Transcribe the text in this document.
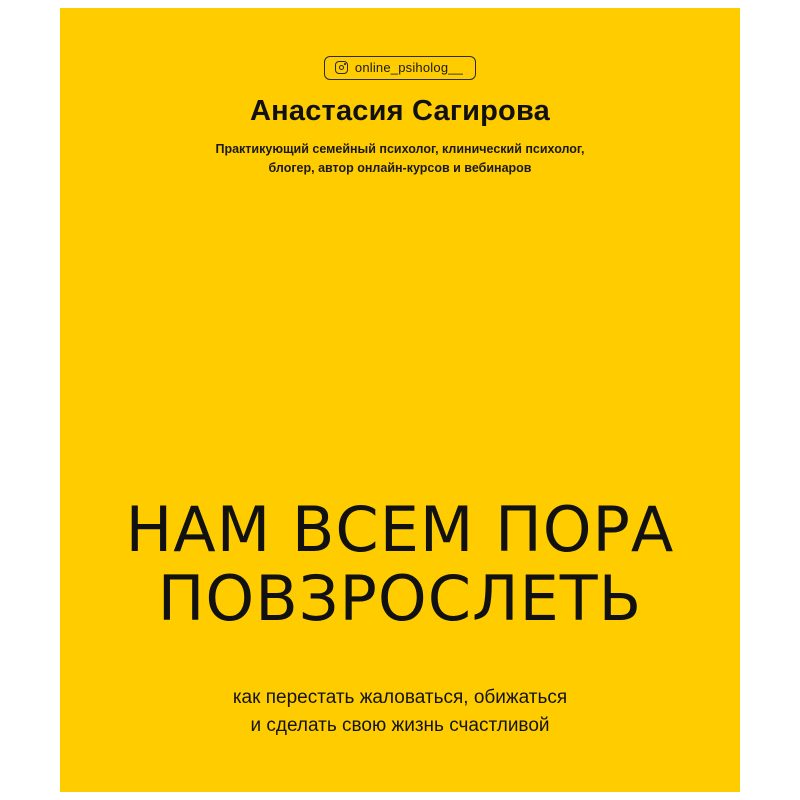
online_psiholog__
Анастасия Сагирова
Практикующий семейный психолог, клинический психолог,
блогер, автор онлайн-курсов и вебинаров
НАМ ВСЕМ ПОРА
ПОВЗРОСЛЕТЬ
как перестать жаловаться, обижаться
и сделать свою жизнь счастливой
